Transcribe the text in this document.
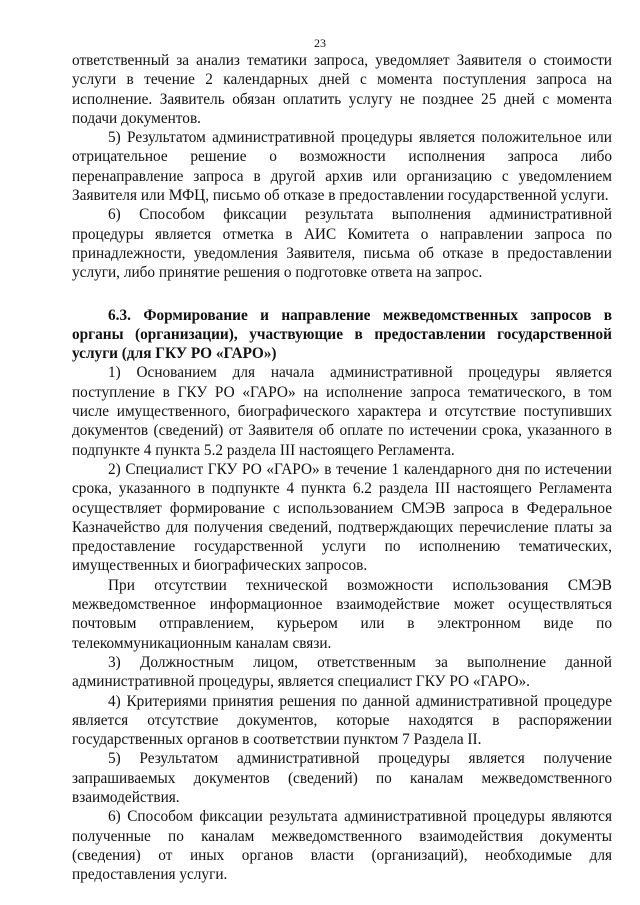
23

ответственный за анализ тематики запроса, уведомляет Заявителя о стоимости услуги в течение 2 календарных дней с момента поступления запроса на исполнение. Заявитель обязан оплатить услугу не позднее 25 дней с момента подачи документов.

5) Результатом административной процедуры является положительное или отрицательное решение о возможности исполнения запроса либо перенаправление запроса в другой архив или организацию с уведомлением Заявителя или МФЦ, письмо об отказе в предоставлении государственной услуги.

6) Способом фиксации результата выполнения административной процедуры является отметка в АИС Комитета о направлении запроса по принадлежности, уведомления Заявителя, письма об отказе в предоставлении услуги, либо принятие решения о подготовке ответа на запрос.

6.3. Формирование и направление межведомственных запросов в органы (организации), участвующие в предоставлении государственной услуги (для ГКУ РО «ГАРО»)

1) Основанием для начала административной процедуры является поступление в ГКУ РО «ГАРО» на исполнение запроса тематического, в том числе имущественного, биографического характера и отсутствие поступивших документов (сведений) от Заявителя об оплате по истечении срока, указанного в подпункте 4 пункта 5.2 раздела III настоящего Регламента.

2) Специалист ГКУ РО «ГАРО» в течение 1 календарного дня по истечении срока, указанного в подпункте 4 пункта 6.2 раздела III настоящего Регламента осуществляет формирование с использованием СМЭВ запроса в Федеральное Казначейство для получения сведений, подтверждающих перечисление платы за предоставление государственной услуги по исполнению тематических, имущественных и биографических запросов.

При отсутствии технической возможности использования СМЭВ межведомственное информационное взаимодействие может осуществляться почтовым отправлением, курьером или в электронном виде по телекоммуникационным каналам связи.

3) Должностным лицом, ответственным за выполнение данной административной процедуры, является специалист ГКУ РО «ГАРО».

4) Критериями принятия решения по данной административной процедуре является отсутствие документов, которые находятся в распоряжении государственных органов в соответствии пунктом 7 Раздела II.

5) Результатом административной процедуры является получение запрашиваемых документов (сведений) по каналам межведомственного взаимодействия.

6) Способом фиксации результата административной процедуры являются полученные по каналам межведомственного взаимодействия документы (сведения) от иных органов власти (организаций), необходимые для предоставления услуги.
